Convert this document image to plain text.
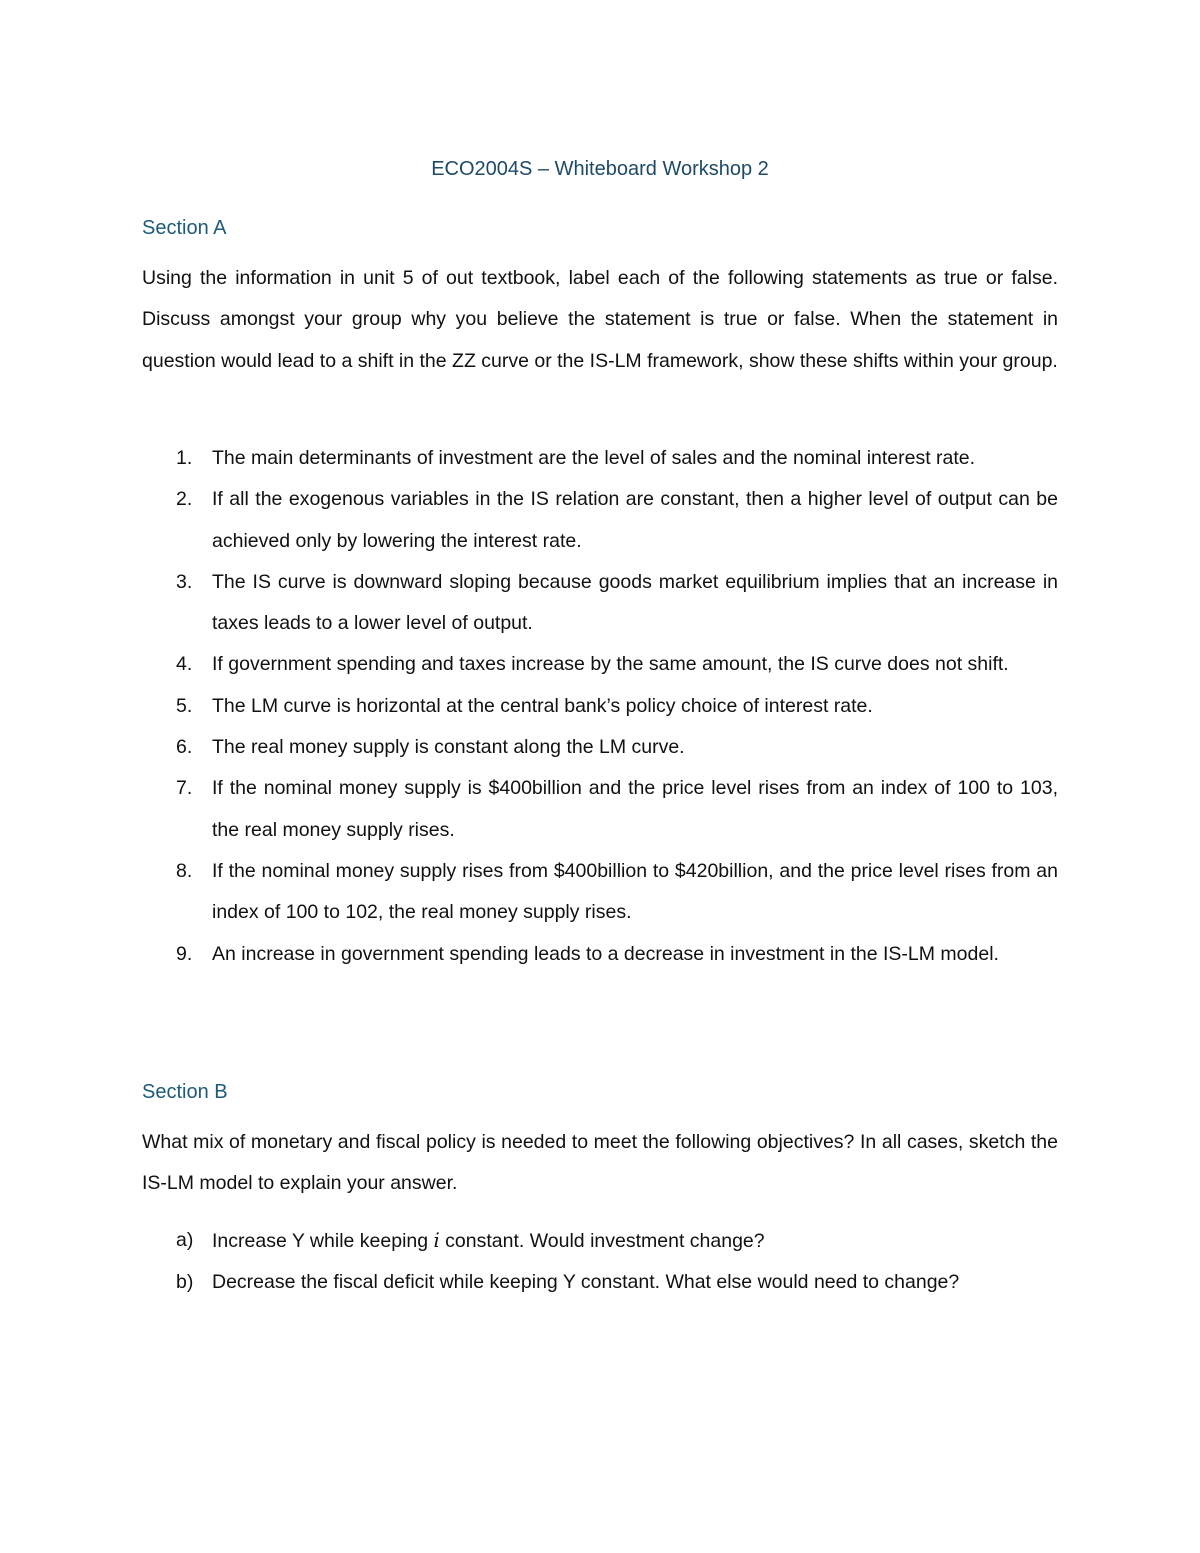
ECO2004S – Whiteboard Workshop 2
Section A

Using the information in unit 5 of out textbook, label each of the following statements as true or false. Discuss amongst your group why you believe the statement is true or false. When the statement in question would lead to a shift in the ZZ curve or the IS-LM framework, show these shifts within your group.

1.	The main determinants of investment are the level of sales and the nominal interest rate.
2.	If all the exogenous variables in the IS relation are constant, then a higher level of output can be achieved only by lowering the interest rate.
3.	The IS curve is downward sloping because goods market equilibrium implies that an increase in taxes leads to a lower level of output.
4.	If government spending and taxes increase by the same amount, the IS curve does not shift.
5.	The LM curve is horizontal at the central bank’s policy choice of interest rate.
6.	The real money supply is constant along the LM curve.
7.	If the nominal money supply is $400billion and the price level rises from an index of 100 to 103, the real money supply rises.
8.	If the nominal money supply rises from $400billion to $420billion, and the price level rises from an index of 100 to 102, the real money supply rises.
9.	An increase in government spending leads to a decrease in investment in the IS-LM model.
Section B

What mix of monetary and fiscal policy is needed to meet the following objectives? In all cases, sketch the IS-LM model to explain your answer.

a) Increase Y while keeping i constant. Would investment change?
b) Decrease the fiscal deficit while keeping Y constant. What else would need to change?
